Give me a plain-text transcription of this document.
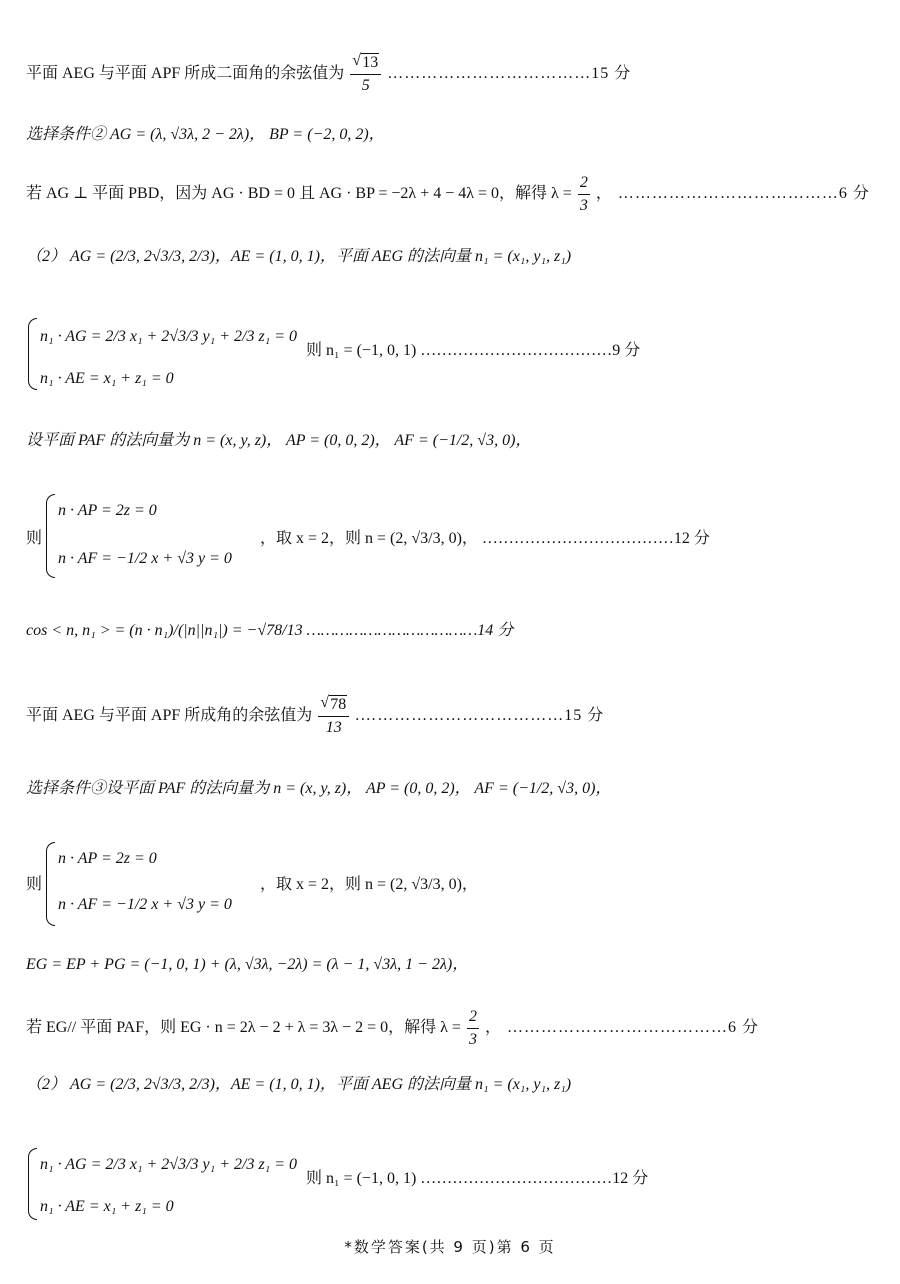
平面 AEG 与平面 APF 所成二面角的余弦值为 √ $\frac{13}{5}$ ………………………………15 分
选择条件② AG = (λ, √3λ, 2 − 2λ)， BP = (−2, 0, 2)，
若 AG ⊥ 平面 PBD，因为 AG · BD = 0 且 AG · BP = −2λ + 4 − 4λ = 0，解得 $\lambda = \frac{2}{3}$ ， …………………………………6 分
（2） AG = (2/3, 2√3/3, 2/3)，AE = (1, 0, 1)，平面 AEG 的法向量 n₁ = (x₁, y₁, z₁)
n₁ · AG = 2/3 x₁ + 2√3/3 y₁ + 2/3 z₁ = 0
n₁ · AE = x₁ + z₁ = 0
则 n₁ = (−1, 0, 1) ………………………………9 分
设平面 PAF 的法向量为 n = (x, y, z)， AP = (0, 0, 2)， AF = (−1/2, √3, 0)，
则
n · AP = 2z = 0
n · AF = −1/2 x + √3 y = 0
，取 x = 2，则 n = (2, √3/3, 0)， ………………………………12 分
cos < n, n₁ > = (n · n₁)/(|n||n₁|) = −√78/13 ………………………………14 分
平面 AEG 与平面 APF 所成角的余弦值为 √ $\frac{78}{13}$ .………………………………15 分
选择条件③设平面 PAF 的法向量为 n = (x, y, z)， AP = (0, 0, 2)， AF = (−1/2, √3, 0)，
则
n · AP = 2z = 0
n · AF = −1/2 x + √3 y = 0
，取 x = 2，则 n = (2, √3/3, 0)，
EG = EP + PG = (−1, 0, 1) + (λ, √3λ, −2λ) = (λ − 1, √3λ, 1 − 2λ)，
若 EG// 平面 PAF，则 EG · n = 2λ − 2 + λ = 3λ − 2 = 0，解得 $\lambda = \frac{2}{3}$ ， …………………………………6 分
（2） AG = (2/3, 2√3/3, 2/3)，AE = (1, 0, 1)，平面 AEG 的法向量 n₁ = (x₁, y₁, z₁)
n₁ · AG = 2/3 x₁ + 2√3/3 y₁ + 2/3 z₁ = 0
n₁ · AE = x₁ + z₁ = 0
则 n₁ = (−1, 0, 1) ………………………………12 分
*数学答案(共 9 页)第 6 页
